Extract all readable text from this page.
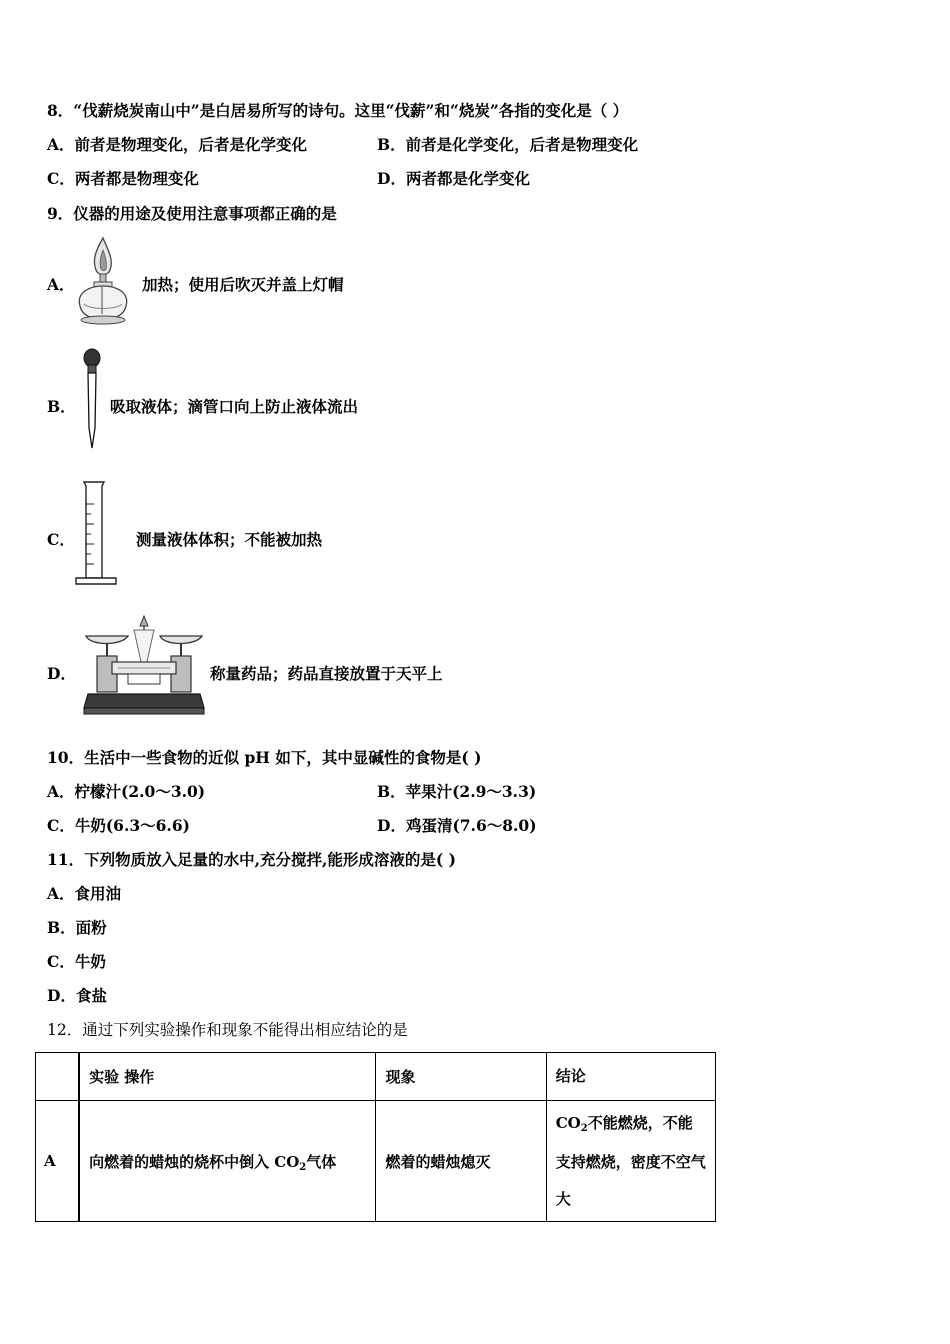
8．“伐薪烧炭南山中”是白居易所写的诗句。这里“伐薪”和“烧炭”各指的变化是（ ）
A．前者是物理变化，后者是化学变化	B．前者是化学变化，后者是物理变化
C．两者都是物理变化	D．两者都是化学变化
9．仪器的用途及使用注意事项都正确的是
A．	加热；使用后吹灭并盖上灯帽
B． 吸取液体；滴管口向上防止液体流出
C．	测量液体体积；不能被加热
D．	称量药品；药品直接放置于天平上
10．生活中一些食物的近似 pH 如下，其中显碱性的食物是( )
A．柠檬汁(2.0～3.0)	B．苹果汁(2.9～3.3)
C．牛奶(6.3～6.6)	D．鸡蛋清(7.6～8.0)
11．下列物质放入足量的水中,充分搅拌,能形成溶液的是( )
A．食用油
B．面粉
C．牛奶
D．食盐
12．通过下列实验操作和现象不能得出相应结论的是
	实验 操作	现象	结论
A	向燃着的蜡烛的烧杯中倒入 $CO_2$气体	燃着的蜡烛熄灭	$CO_2$不能燃烧，不能支持燃烧，密度不空气大
